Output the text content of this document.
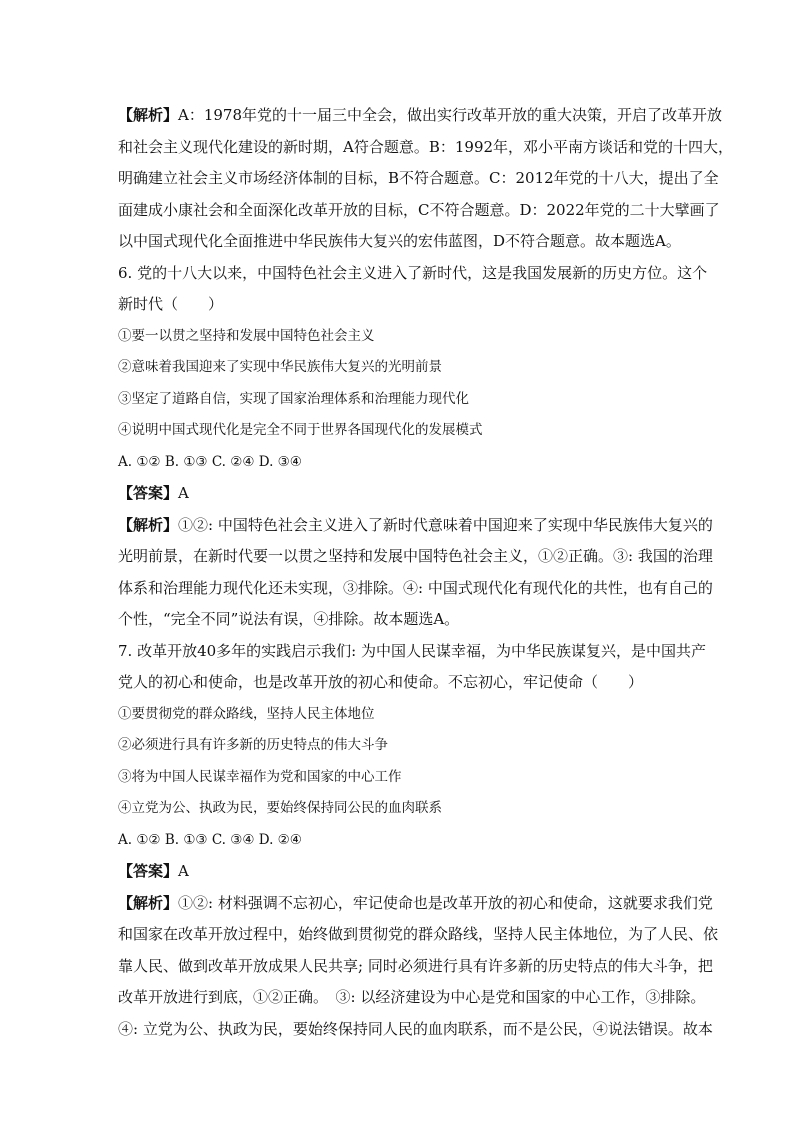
【解析】A：1978年党的十一届三中全会，做出实行改革开放的重大决策，开启了改革开放
和社会主义现代化建设的新时期，A符合题意。B：1992年，邓小平南方谈话和党的十四大，
明确建立社会主义市场经济体制的目标，B不符合题意。C：2012年党的十八大，提出了全
面建成小康社会和全面深化改革开放的目标，C不符合题意。D：2022年党的二十大擘画了
以中国式现代化全面推进中华民族伟大复兴的宏伟蓝图，D不符合题意。故本题选A。
6. 党的十八大以来，中国特色社会主义进入了新时代，这是我国发展新的历史方位。这个
新时代（　　）
①要一以贯之坚持和发展中国特色社会主义
②意味着我国迎来了实现中华民族伟大复兴的光明前景
③坚定了道路自信，实现了国家治理体系和治理能力现代化
④说明中国式现代化是完全不同于世界各国现代化的发展模式
A. ①② B. ①③ C. ②④ D. ③④
【答案】A
【解析】①②: 中国特色社会主义进入了新时代意味着中国迎来了实现中华民族伟大复兴的
光明前景，在新时代要一以贯之坚持和发展中国特色社会主义，①②正确。③: 我国的治理
体系和治理能力现代化还未实现，③排除。④: 中国式现代化有现代化的共性，也有自己的
个性，“完全不同”说法有误，④排除。故本题选A。
7. 改革开放40多年的实践启示我们: 为中国人民谋幸福，为中华民族谋复兴，是中国共产
党人的初心和使命，也是改革开放的初心和使命。不忘初心，牢记使命（　　）
①要贯彻党的群众路线，坚持人民主体地位
②必须进行具有许多新的历史特点的伟大斗争
③将为中国人民谋幸福作为党和国家的中心工作
④立党为公、执政为民，要始终保持同公民的血肉联系
A. ①② B. ①③ C. ③④ D. ②④
【答案】A
【解析】①②: 材料强调不忘初心，牢记使命也是改革开放的初心和使命，这就要求我们党
和国家在改革开放过程中，始终做到贯彻党的群众路线，坚持人民主体地位，为了人民、依
靠人民、做到改革开放成果人民共享; 同时必须进行具有许多新的历史特点的伟大斗争，把
改革开放进行到底，①②正确。　③: 以经济建设为中心是党和国家的中心工作，③排除。
④: 立党为公、执政为民，要始终保持同人民的血肉联系，而不是公民，④说法错误。故本
